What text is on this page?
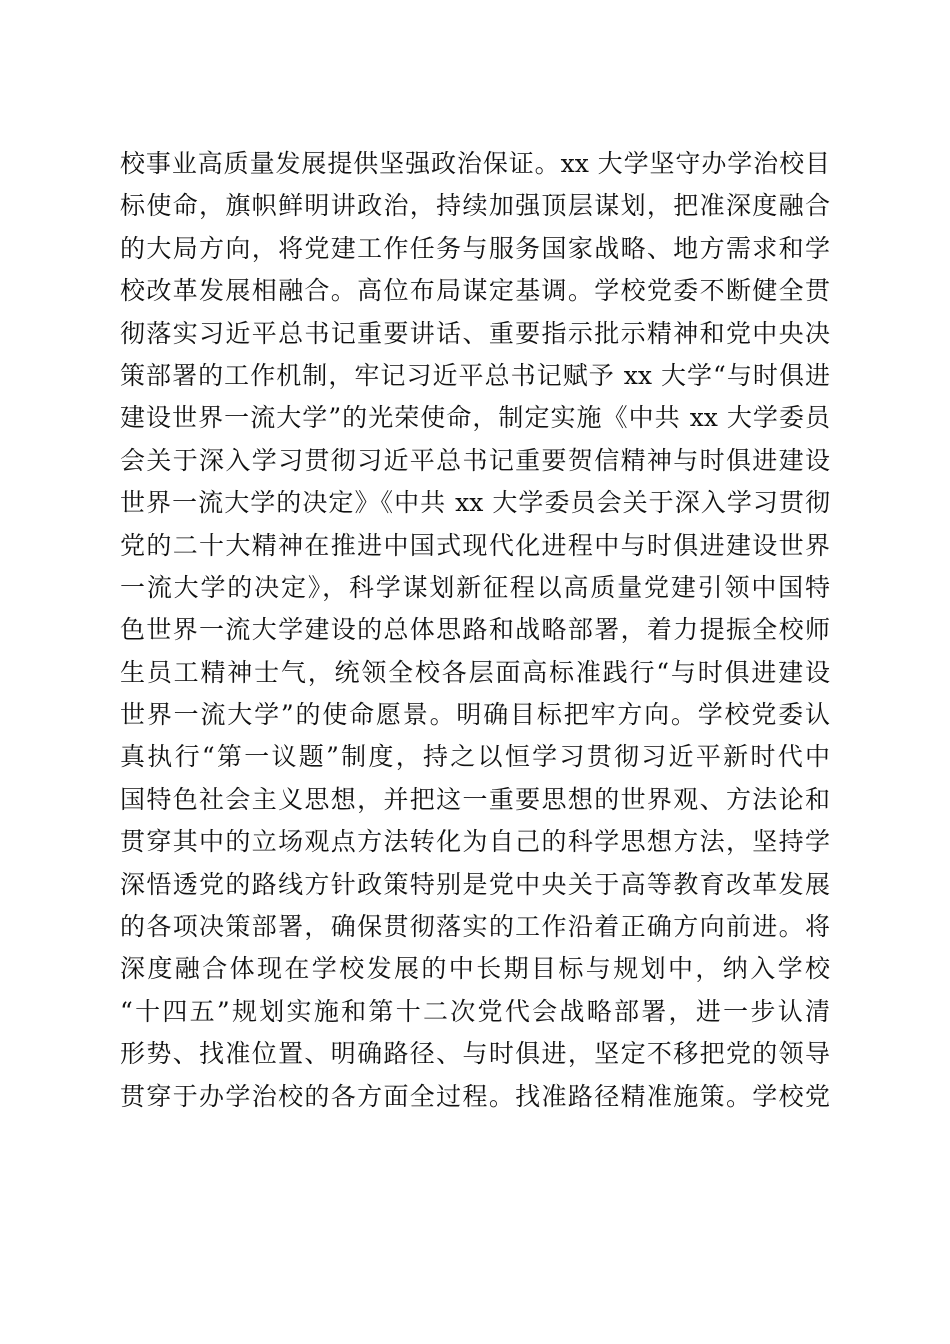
校事业高质量发展提供坚强政治保证。xx 大学坚守办学治校目
标使命，旗帜鲜明讲政治，持续加强顶层谋划，把准深度融合
的大局方向，将党建工作任务与服务国家战略、地方需求和学
校改革发展相融合。高位布局谋定基调。学校党委不断健全贯
彻落实习近平总书记重要讲话、重要指示批示精神和党中央决
策部署的工作机制，牢记习近平总书记赋予 xx 大学“与时俱进
建设世界一流大学”的光荣使命，制定实施《中共 xx 大学委员
会关于深入学习贯彻习近平总书记重要贺信精神与时俱进建设
世界一流大学的决定》《中共 xx 大学委员会关于深入学习贯彻
党的二十大精神在推进中国式现代化进程中与时俱进建设世界
一流大学的决定》，科学谋划新征程以高质量党建引领中国特
色世界一流大学建设的总体思路和战略部署，着力提振全校师
生员工精神士气，统领全校各层面高标准践行“与时俱进建设
世界一流大学”的使命愿景。明确目标把牢方向。学校党委认
真执行“第一议题”制度，持之以恒学习贯彻习近平新时代中
国特色社会主义思想，并把这一重要思想的世界观、方法论和
贯穿其中的立场观点方法转化为自己的科学思想方法，坚持学
深悟透党的路线方针政策特别是党中央关于高等教育改革发展
的各项决策部署，确保贯彻落实的工作沿着正确方向前进。将
深度融合体现在学校发展的中长期目标与规划中，纳入学校
“十四五”规划实施和第十二次党代会战略部署，进一步认清
形势、找准位置、明确路径、与时俱进，坚定不移把党的领导
贯穿于办学治校的各方面全过程。找准路径精准施策。学校党
